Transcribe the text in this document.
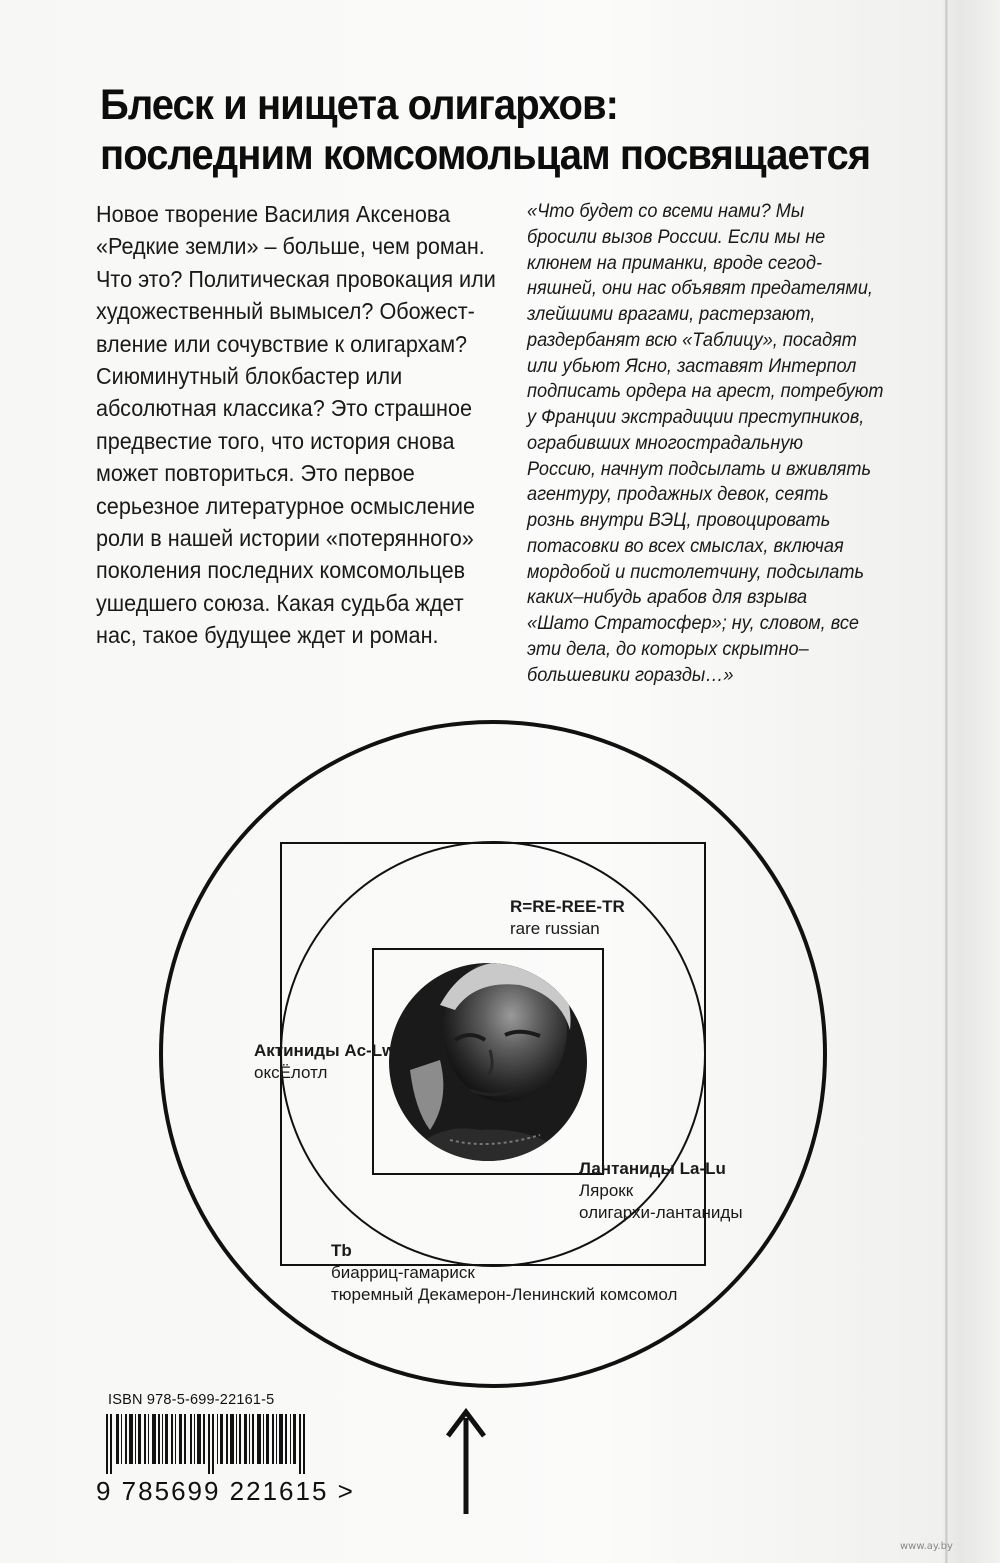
Блеск и нищета олигархов:
последним комсомольцам посвящается
Новое творение Василия Аксенова
«Редкие земли» – больше, чем роман.
Что это? Политическая провокация или
художественный вымысел? Обожест-
вление или сочувствие к олигархам?
Сиюминутный блокбастер или
абсолютная классика? Это страшное
предвестие того, что история снова
может повториться. Это первое
серьезное литературное осмысление
роли в нашей истории «потерянного»
поколения последних комсомольцев
ушедшего союза. Какая судьба ждет
нас, такое будущее ждет и роман.
«Что будет со всеми нами? Мы
бросили вызов России. Если мы не
клюнем на приманки, вроде сегод-
няшней, они нас объявят предателями,
злейшими врагами, растерзают,
раздербанят всю «Таблицу», посадят
или убьют Ясно, заставят Интерпол
подписать ордера на арест, потребуют
у Франции экстрадиции преступников,
ограбивших многострадальную
Россию, начнут подсылать и вживлять
агентуру, продажных девок, сеять
рознь внутри ВЭЦ, провоцировать
потасовки во всех смыслах, включая
мордобой и пистолетчину, подсылать
каких–нибудь арабов для взрыва
«Шато Стратосфер»; ну, словом, все
эти дела, до которых скрытно–
большевики горазды…»
R=RE-REE-TR
rare russian
Актиниды Ac-Lw
оксЁлотл
Лантаниды La-Lu
Лярокк
олигархи-лантаниды
Tb
биарриц-гамариск
тюремный Декамерон-Ленинский комсомол
ISBN 978-5-699-22161-5
9 785699 221615 >
www.ay.by
